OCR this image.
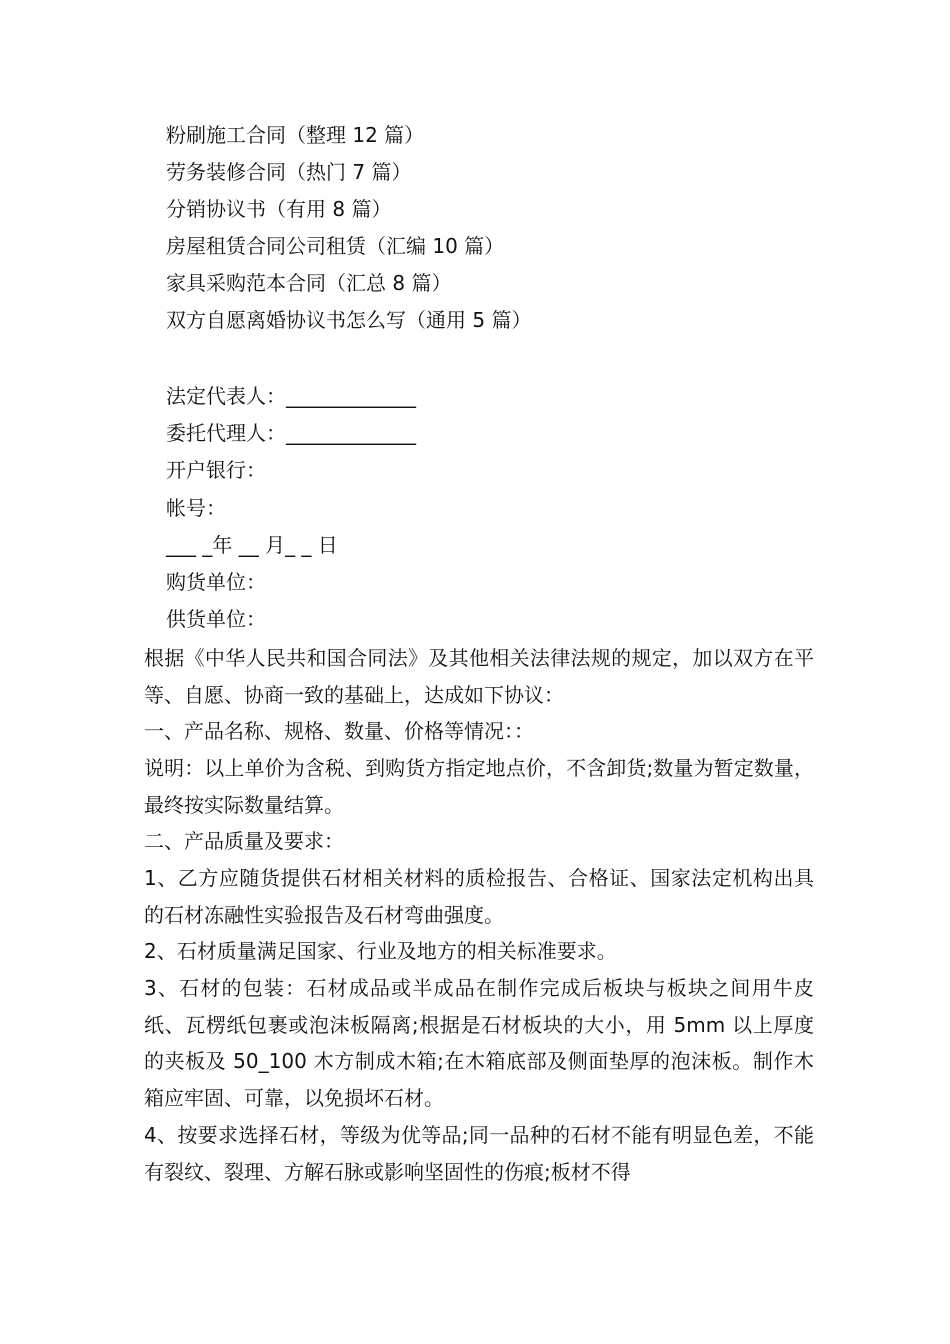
粉刷施工合同（整理 12 篇）
劳务装修合同（热门 7 篇）
分销协议书（有用 8 篇）
房屋租赁合同公司租赁（汇编 10 篇）
家具采购范本合同（汇总 8 篇）
双方自愿离婚协议书怎么写（通用 5 篇）
法定代表人：_____________
委托代理人：_____________
开户银行：
帐号：
___ _年 __ 月_ _ 日
购货单位：
供货单位：
根据《中华人民共和国合同法》及其他相关法律法规的规定，加以双方在平等、自愿、协商一致的基础上，达成如下协议：
一、产品名称、规格、数量、价格等情况：：
说明：以上单价为含税、到购货方指定地点价，不含卸货;数量为暂定数量，最终按实际数量结算。
二、产品质量及要求：
1、乙方应随货提供石材相关材料的质检报告、合格证、国家法定机构出具的石材冻融性实验报告及石材弯曲强度。
2、石材质量满足国家、行业及地方的相关标准要求。
3、石材的包装：石材成品或半成品在制作完成后板块与板块之间用牛皮纸、瓦楞纸包裹或泡沫板隔离;根据是石材板块的大小，用 5mm 以上厚度的夹板及 50_100 木方制成木箱;在木箱底部及侧面垫厚的泡沫板。制作木箱应牢固、可靠，以免损坏石材。
4、按要求选择石材，等级为优等品;同一品种的石材不能有明显色差，不能有裂纹、裂理、方解石脉或影响坚固性的伤痕;板材不得
